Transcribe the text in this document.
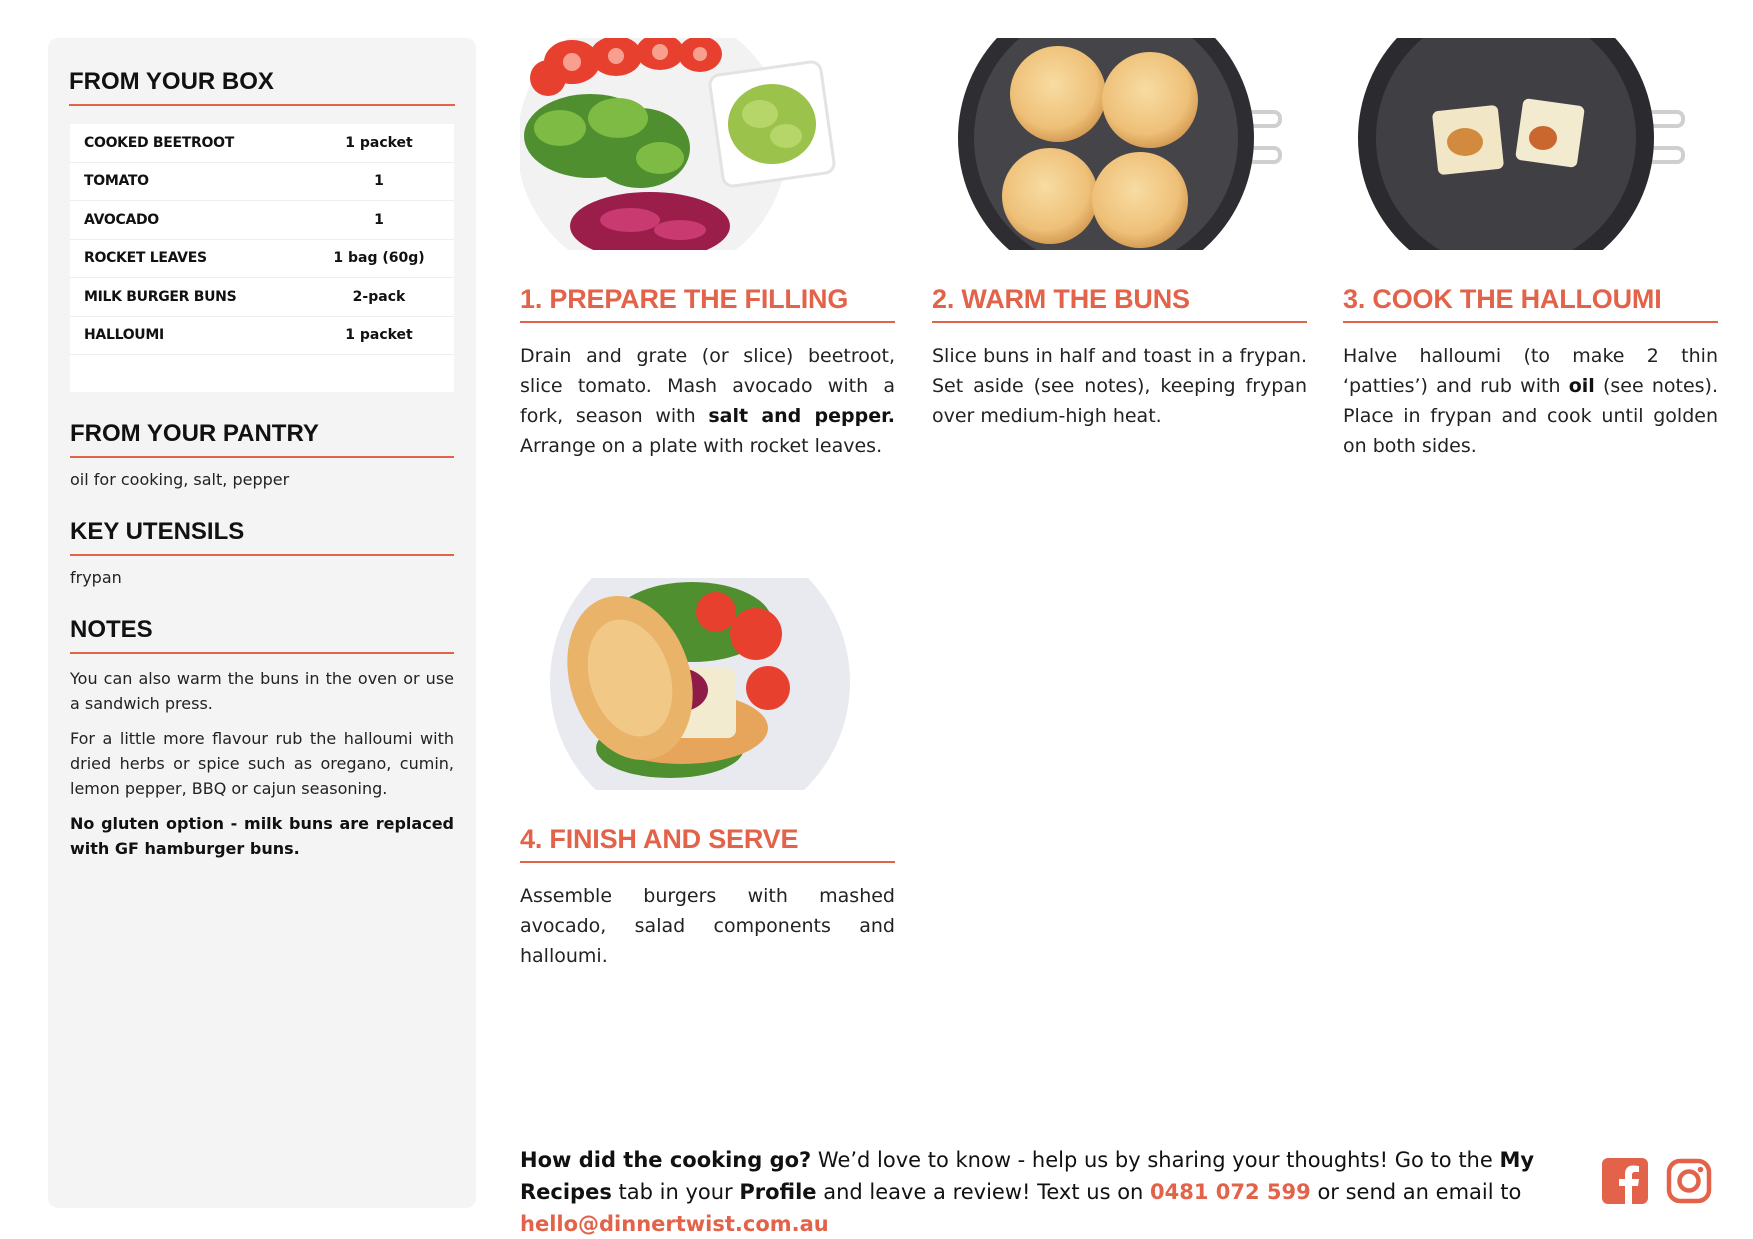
FROM YOUR BOX
COOKED BEETROOT	1 packet
TOMATO	1
AVOCADO	1
ROCKET LEAVES	1 bag (60g)
MILK BURGER BUNS	2-pack
HALLOUMI	1 packet
FROM YOUR PANTRY
oil for cooking, salt, pepper
KEY UTENSILS
frypan
NOTES

You can also warm the buns in the oven or use a sandwich press.

For a little more flavour rub the halloumi with dried herbs or spice such as oregano, cumin, lemon pepper, BBQ or cajun seasoning.

No gluten option - milk buns are replaced with GF hamburger buns.

1. PREPARE THE FILLING

Drain and grate (or slice) beetroot, slice tomato. Mash avocado with a fork, season with salt and pepper. Arrange on a plate with rocket leaves.

2. WARM THE BUNS

Slice buns in half and toast in a frypan. Set aside (see notes), keeping frypan over medium-high heat.

3. COOK THE HALLOUMI

Halve halloumi (to make 2 thin ‘patties’) and rub with oil (see notes). Place in frypan and cook until golden on both sides.

4. FINISH AND SERVE

Assemble burgers with mashed avocado, salad components and halloumi.

How did the cooking go? We’d love to know - help us by sharing your thoughts! Go to the My Recipes tab in your Profile and leave a review! Text us on 0481 072 599 or send an email to hello@dinnertwist.com.au
